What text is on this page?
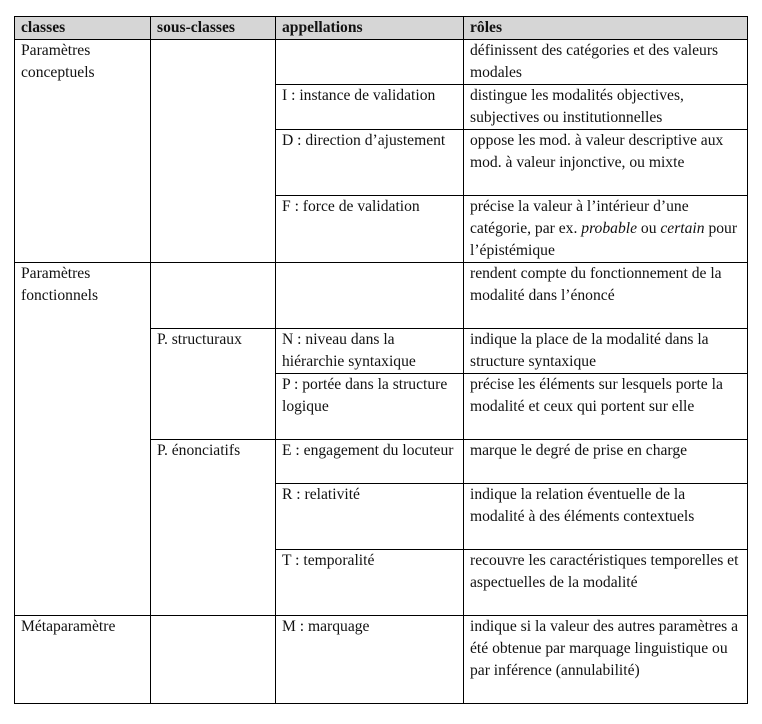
classes	sous-classes	appellations	rôles
Paramètres conceptuels			définissent des catégories et des valeurs modales
		I : instance de validation	distingue les modalités objectives, subjectives ou institutionnelles
		D : direction d’ajustement	oppose les mod. à valeur descriptive aux mod. à valeur injonctive, ou mixte
		F : force de validation	précise la valeur à l’intérieur d’une catégorie, par ex. probable ou certain pour l’épistémique
Paramètres fonctionnels			rendent compte du fonctionnement de la modalité dans l’énoncé
	P. structuraux	N : niveau dans la hiérarchie syntaxique	indique la place de la modalité dans la structure syntaxique
		P : portée dans la structure logique	précise les éléments sur lesquels porte la modalité et ceux qui portent sur elle
	P. énonciatifs	E : engagement du locuteur	marque le degré de prise en charge
		R : relativité	indique la relation éventuelle de la modalité à des éléments contextuels
		T : temporalité	recouvre les caractéristiques temporelles et aspectuelles de la modalité
Métaparamètre		M : marquage	indique si la valeur des autres paramètres a été obtenue par marquage linguistique ou par inférence (annulabilité)
